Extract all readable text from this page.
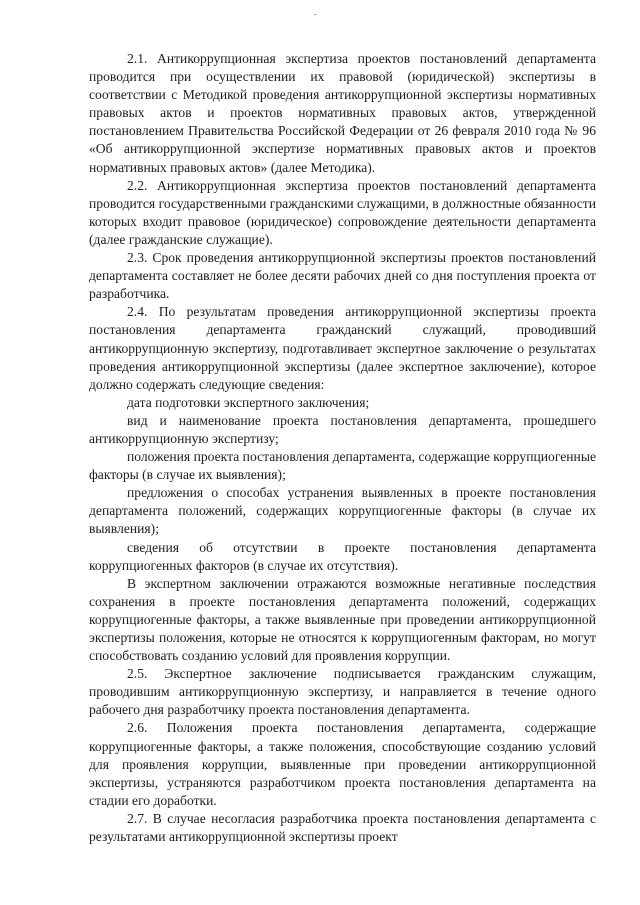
2.1. Антикоррупционная экспертиза проектов постановлений департамента проводится при осуществлении их правовой (юридической) экспертизы в соответствии с Методикой проведения антикоррупционной экспертизы нормативных правовых актов и проектов нормативных правовых актов, утвержденной постановлением Правительства Российской Федерации от 26 февраля 2010 года № 96 «Об антикоррупционной экспертизе нормативных правовых актов и проектов нормативных правовых актов» (далее Методика).

2.2. Антикоррупционная экспертиза проектов постановлений департамента проводится государственными гражданскими служащими, в должностные обязанности которых входит правовое (юридическое) сопровождение деятельности департамента (далее гражданские служащие).

2.3. Срок проведения антикоррупционной экспертизы проектов постановлений департамента составляет не более десяти рабочих дней со дня поступления проекта от разработчика.

2.4. По результатам проведения антикоррупционной экспертизы проекта постановления департамента гражданский служащий, проводивший антикоррупционную экспертизу, подготавливает экспертное заключение о результатах проведения антикоррупционной экспертизы (далее экспертное заключение), которое должно содержать следующие сведения:

дата подготовки экспертного заключения;

вид и наименование проекта постановления департамента, прошедшего антикоррупционную экспертизу;

положения проекта постановления департамента, содержащие коррупциогенные факторы (в случае их выявления);

предложения о способах устранения выявленных в проекте постановления департамента положений, содержащих коррупциогенные факторы (в случае их выявления);

сведения об отсутствии в проекте постановления департамента коррупциогенных факторов (в случае их отсутствия).

В экспертном заключении отражаются возможные негативные последствия сохранения в проекте постановления департамента положений, содержащих коррупциогенные факторы, а также выявленные при проведении антикоррупционной экспертизы положения, которые не относятся к коррупциогенным факторам, но могут способствовать созданию условий для проявления коррупции.

2.5. Экспертное заключение подписывается гражданским служащим, проводившим антикоррупционную экспертизу, и направляется в течение одного рабочего дня разработчику проекта постановления департамента.

2.6. Положения проекта постановления департамента, содержащие коррупциогенные факторы, а также положения, способствующие созданию условий для проявления коррупции, выявленные при проведении антикоррупционной экспертизы, устраняются разработчиком проекта постановления департамента на стадии его доработки.

2.7. В случае несогласия разработчика проекта постановления департамента с результатами антикоррупционной экспертизы проект
